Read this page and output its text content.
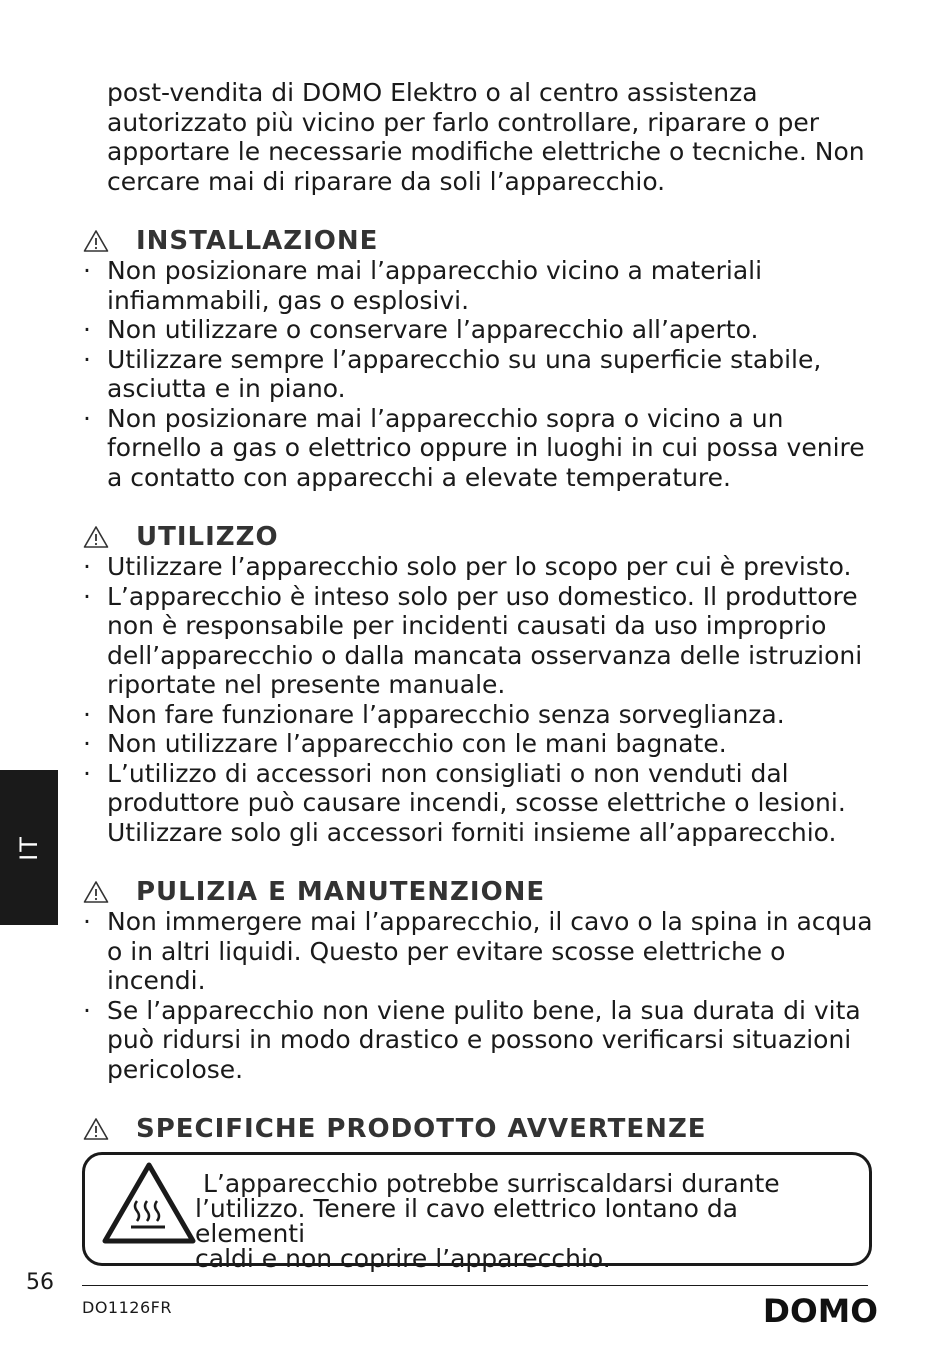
post-vendita di DOMO Elektro o al centro assistenza autorizzato più vicino per farlo controllare, riparare o per apportare le necessarie modifiche elettriche o tecniche. Non cercare mai di riparare da soli l’apparecchio.

INSTALLAZIONE
· Non posizionare mai l’apparecchio vicino a materiali infiammabili, gas o esplosivi.
· Non utilizzare o conservare l’apparecchio all’aperto.
· Utilizzare sempre l’apparecchio su una superficie stabile, asciutta e in piano.
· Non posizionare mai l’apparecchio sopra o vicino a un fornello a gas o elettrico oppure in luoghi in cui possa venire a contatto con apparecchi a elevate temperature.
UTILIZZO
· Utilizzare l’apparecchio solo per lo scopo per cui è previsto.
· L’apparecchio è inteso solo per uso domestico. Il produttore non è responsabile per incidenti causati da uso improprio dell’apparecchio o dalla mancata osservanza delle istruzioni riportate nel presente manuale.
· Non fare funzionare l’apparecchio senza sorveglianza.
· Non utilizzare l’apparecchio con le mani bagnate.
· L’utilizzo di accessori non consigliati o non venduti dal produttore può causare incendi, scosse elettriche o lesioni. Utilizzare solo gli accessori forniti insieme all’apparecchio.
PULIZIA E MANUTENZIONE
· Non immergere mai l’apparecchio, il cavo o la spina in acqua o in altri liquidi. Questo per evitare scosse elettriche o incendi.
· Se l’apparecchio non viene pulito bene, la sua durata di vita può ridursi in modo drastico e possono verificarsi situazioni pericolose.
SPECIFICHE PRODOTTO AVVERTENZE
L’apparecchio potrebbe surriscaldarsi durante
l’utilizzo. Tenere il cavo elettrico lontano da elementi
caldi e non coprire l’apparecchio.
IT
56
DO1126FR	DOMO
